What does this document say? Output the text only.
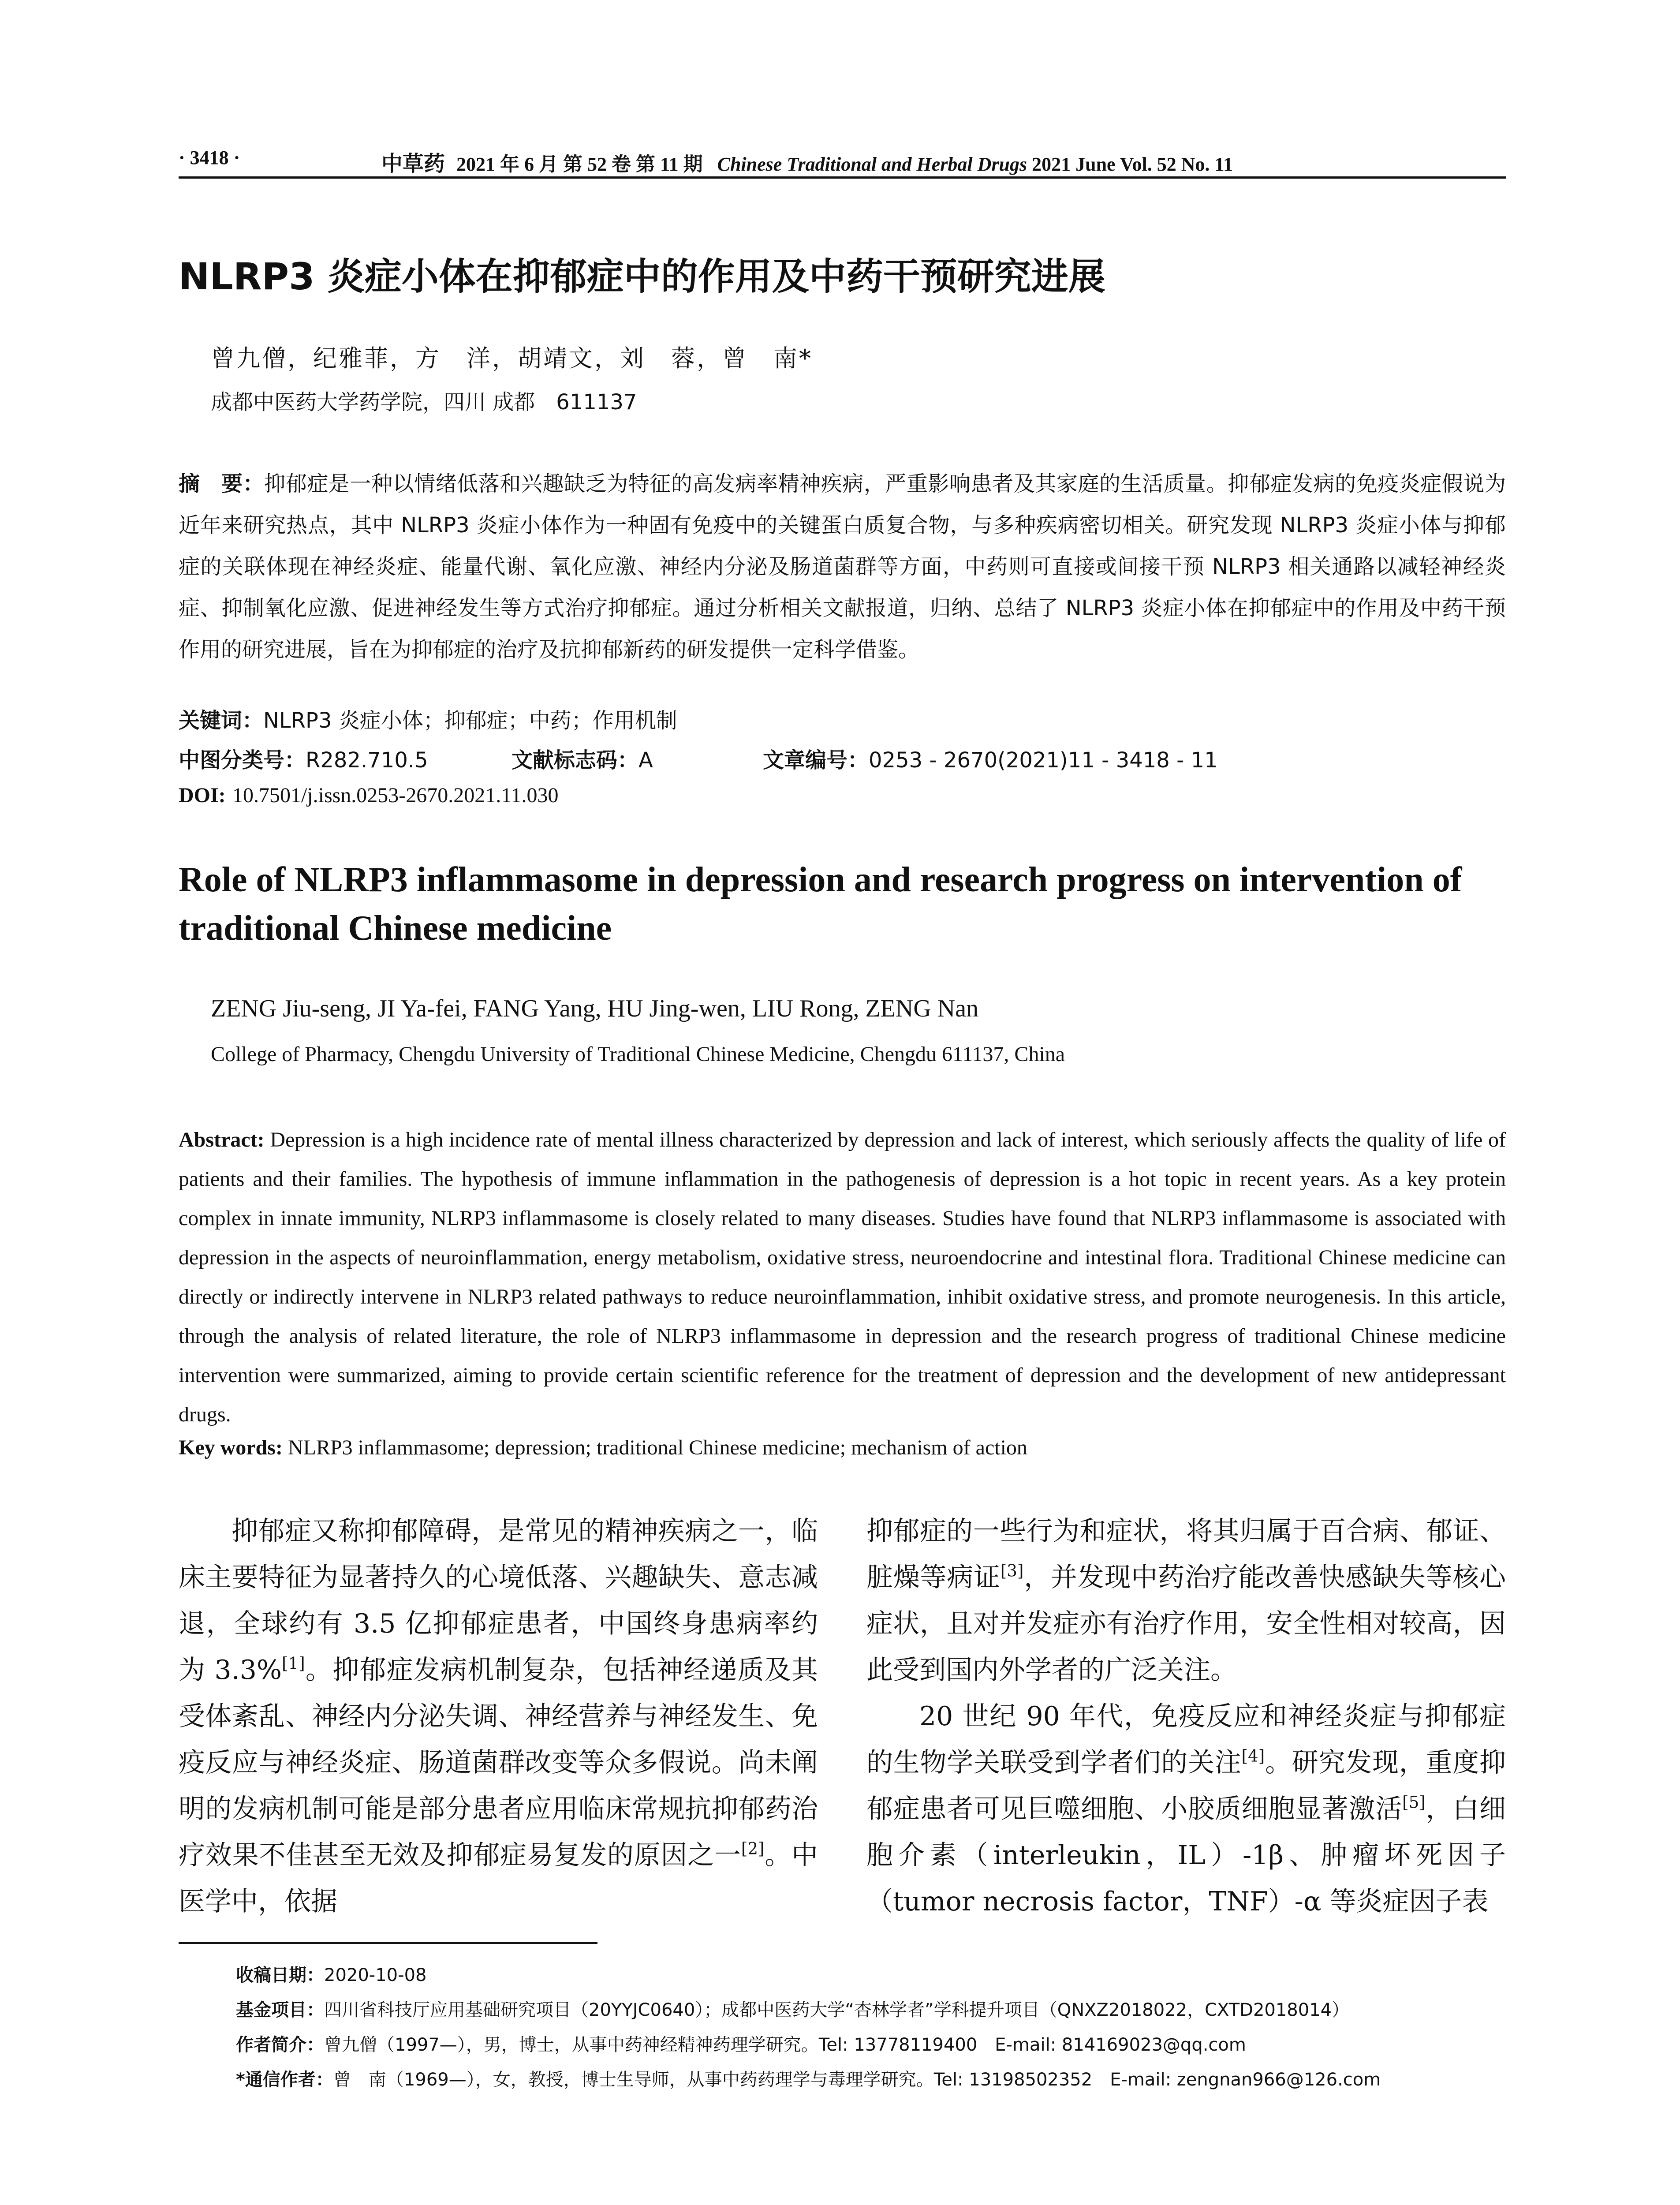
· 3418 ·	中草药 2021 年 6 月 第 52 卷 第 11 期 Chinese Traditional and Herbal Drugs 2021 June Vol. 52 No. 11
NLRP3 炎症小体在抑郁症中的作用及中药干预研究进展
曾九僧，纪雅菲，方　洋，胡靖文，刘　蓉，曾　南*
成都中医药大学药学院，四川 成都　611137
摘　要：抑郁症是一种以情绪低落和兴趣缺乏为特征的高发病率精神疾病，严重影响患者及其家庭的生活质量。抑郁症发病的免疫炎症假说为近年来研究热点，其中 NLRP3 炎症小体作为一种固有免疫中的关键蛋白质复合物，与多种疾病密切相关。研究发现 NLRP3 炎症小体与抑郁症的关联体现在神经炎症、能量代谢、氧化应激、神经内分泌及肠道菌群等方面，中药则可直接或间接干预 NLRP3 相关通路以减轻神经炎症、抑制氧化应激、促进神经发生等方式治疗抑郁症。通过分析相关文献报道，归纳、总结了 NLRP3 炎症小体在抑郁症中的作用及中药干预作用的研究进展，旨在为抑郁症的治疗及抗抑郁新药的研发提供一定科学借鉴。
关键词：NLRP3 炎症小体；抑郁症；中药；作用机制
中图分类号：R282.710.5	文献标志码：A	文章编号：0253 - 2670(2021)11 - 3418 - 11
DOI: 10.7501/j.issn.0253-2670.2021.11.030
Role of NLRP3 inflammasome in depression and research progress on intervention of traditional Chinese medicine
ZENG Jiu-seng, JI Ya-fei, FANG Yang, HU Jing-wen, LIU Rong, ZENG Nan
College of Pharmacy, Chengdu University of Traditional Chinese Medicine, Chengdu 611137, China
Abstract: Depression is a high incidence rate of mental illness characterized by depression and lack of interest, which seriously affects the quality of life of patients and their families. The hypothesis of immune inflammation in the pathogenesis of depression is a hot topic in recent years. As a key protein complex in innate immunity, NLRP3 inflammasome is closely related to many diseases. Studies have found that NLRP3 inflammasome is associated with depression in the aspects of neuroinflammation, energy metabolism, oxidative stress, neuroendocrine and intestinal flora. Traditional Chinese medicine can directly or indirectly intervene in NLRP3 related pathways to reduce neuroinflammation, inhibit oxidative stress, and promote neurogenesis. In this article, through the analysis of related literature, the role of NLRP3 inflammasome in depression and the research progress of traditional Chinese medicine intervention were summarized, aiming to provide certain scientific reference for the treatment of depression and the development of new antidepressant drugs.
Key words: NLRP3 inflammasome; depression; traditional Chinese medicine; mechanism of action

抑郁症又称抑郁障碍，是常见的精神疾病之一，临床主要特征为显著持久的心境低落、兴趣缺失、意志减退，全球约有 3.5 亿抑郁症患者，中国终身患病率约为 3.3%[1]。抑郁症发病机制复杂，包括神经递质及其受体紊乱、神经内分泌失调、神经营养与神经发生、免疫反应与神经炎症、肠道菌群改变等众多假说。尚未阐明的发病机制可能是部分患者应用临床常规抗抑郁药治疗效果不佳甚至无效及抑郁症易复发的原因之一[2]。中医学中，依据

抑郁症的一些行为和症状，将其归属于百合病、郁证、脏燥等病证[3]，并发现中药治疗能改善快感缺失等核心症状，且对并发症亦有治疗作用，安全性相对较高，因此受到国内外学者的广泛关注。

20 世纪 90 年代，免疫反应和神经炎症与抑郁症的生物学关联受到学者们的关注[4]。研究发现，重度抑郁症患者可见巨噬细胞、小胶质细胞显著激活[5]，白细胞介素（interleukin，IL）-1β、肿瘤坏死因子（tumor necrosis factor，TNF）-α 等炎症因子表

收稿日期：2020-10-08
基金项目：四川省科技厅应用基础研究项目（20YYJC0640）；成都中医药大学“杏林学者”学科提升项目（QNXZ2018022，CXTD2018014）
作者简介：曾九僧（1997—），男，博士，从事中药神经精神药理学研究。Tel: 13778119400　E-mail: 814169023@qq.com
*通信作者：曾　南（1969—），女，教授，博士生导师，从事中药药理学与毒理学研究。Tel: 13198502352　E-mail: zengnan966@126.com
